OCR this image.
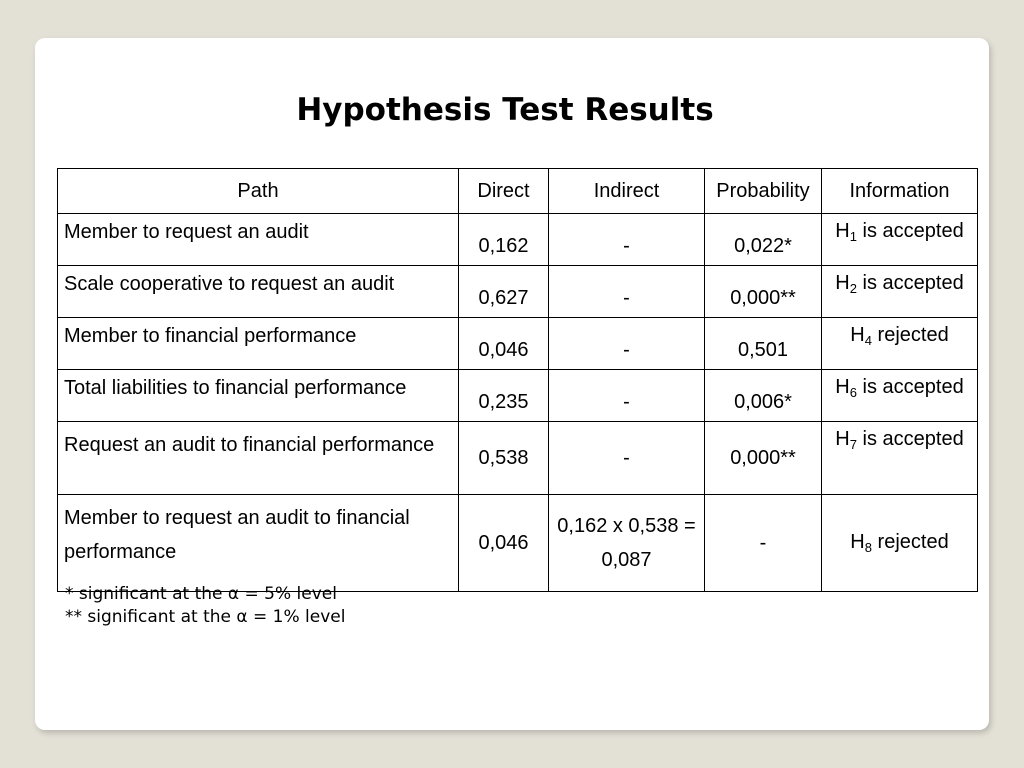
Hypothesis Test Results
Path	Direct	Indirect	Probability	Information
Member to request an audit	0,162	-	0,022*	$H_1$ is accepted
Scale cooperative to request an audit	0,627	-	0,000**	$H_2$ is accepted
Member to financial performance	0,046	-	0,501	$H_4$ rejected
Total liabilities to financial performance	0,235	-	0,006*	$H_6$ is accepted
Request an audit to financial performance	0,538	-	0,000**	$H_7$ is accepted
Member to request an audit to financial performance	0,046	0,162 x 0,538 = 0,087	-	$H_8$ rejected
* significant at the α = 5% level
** significant at the α = 1% level
